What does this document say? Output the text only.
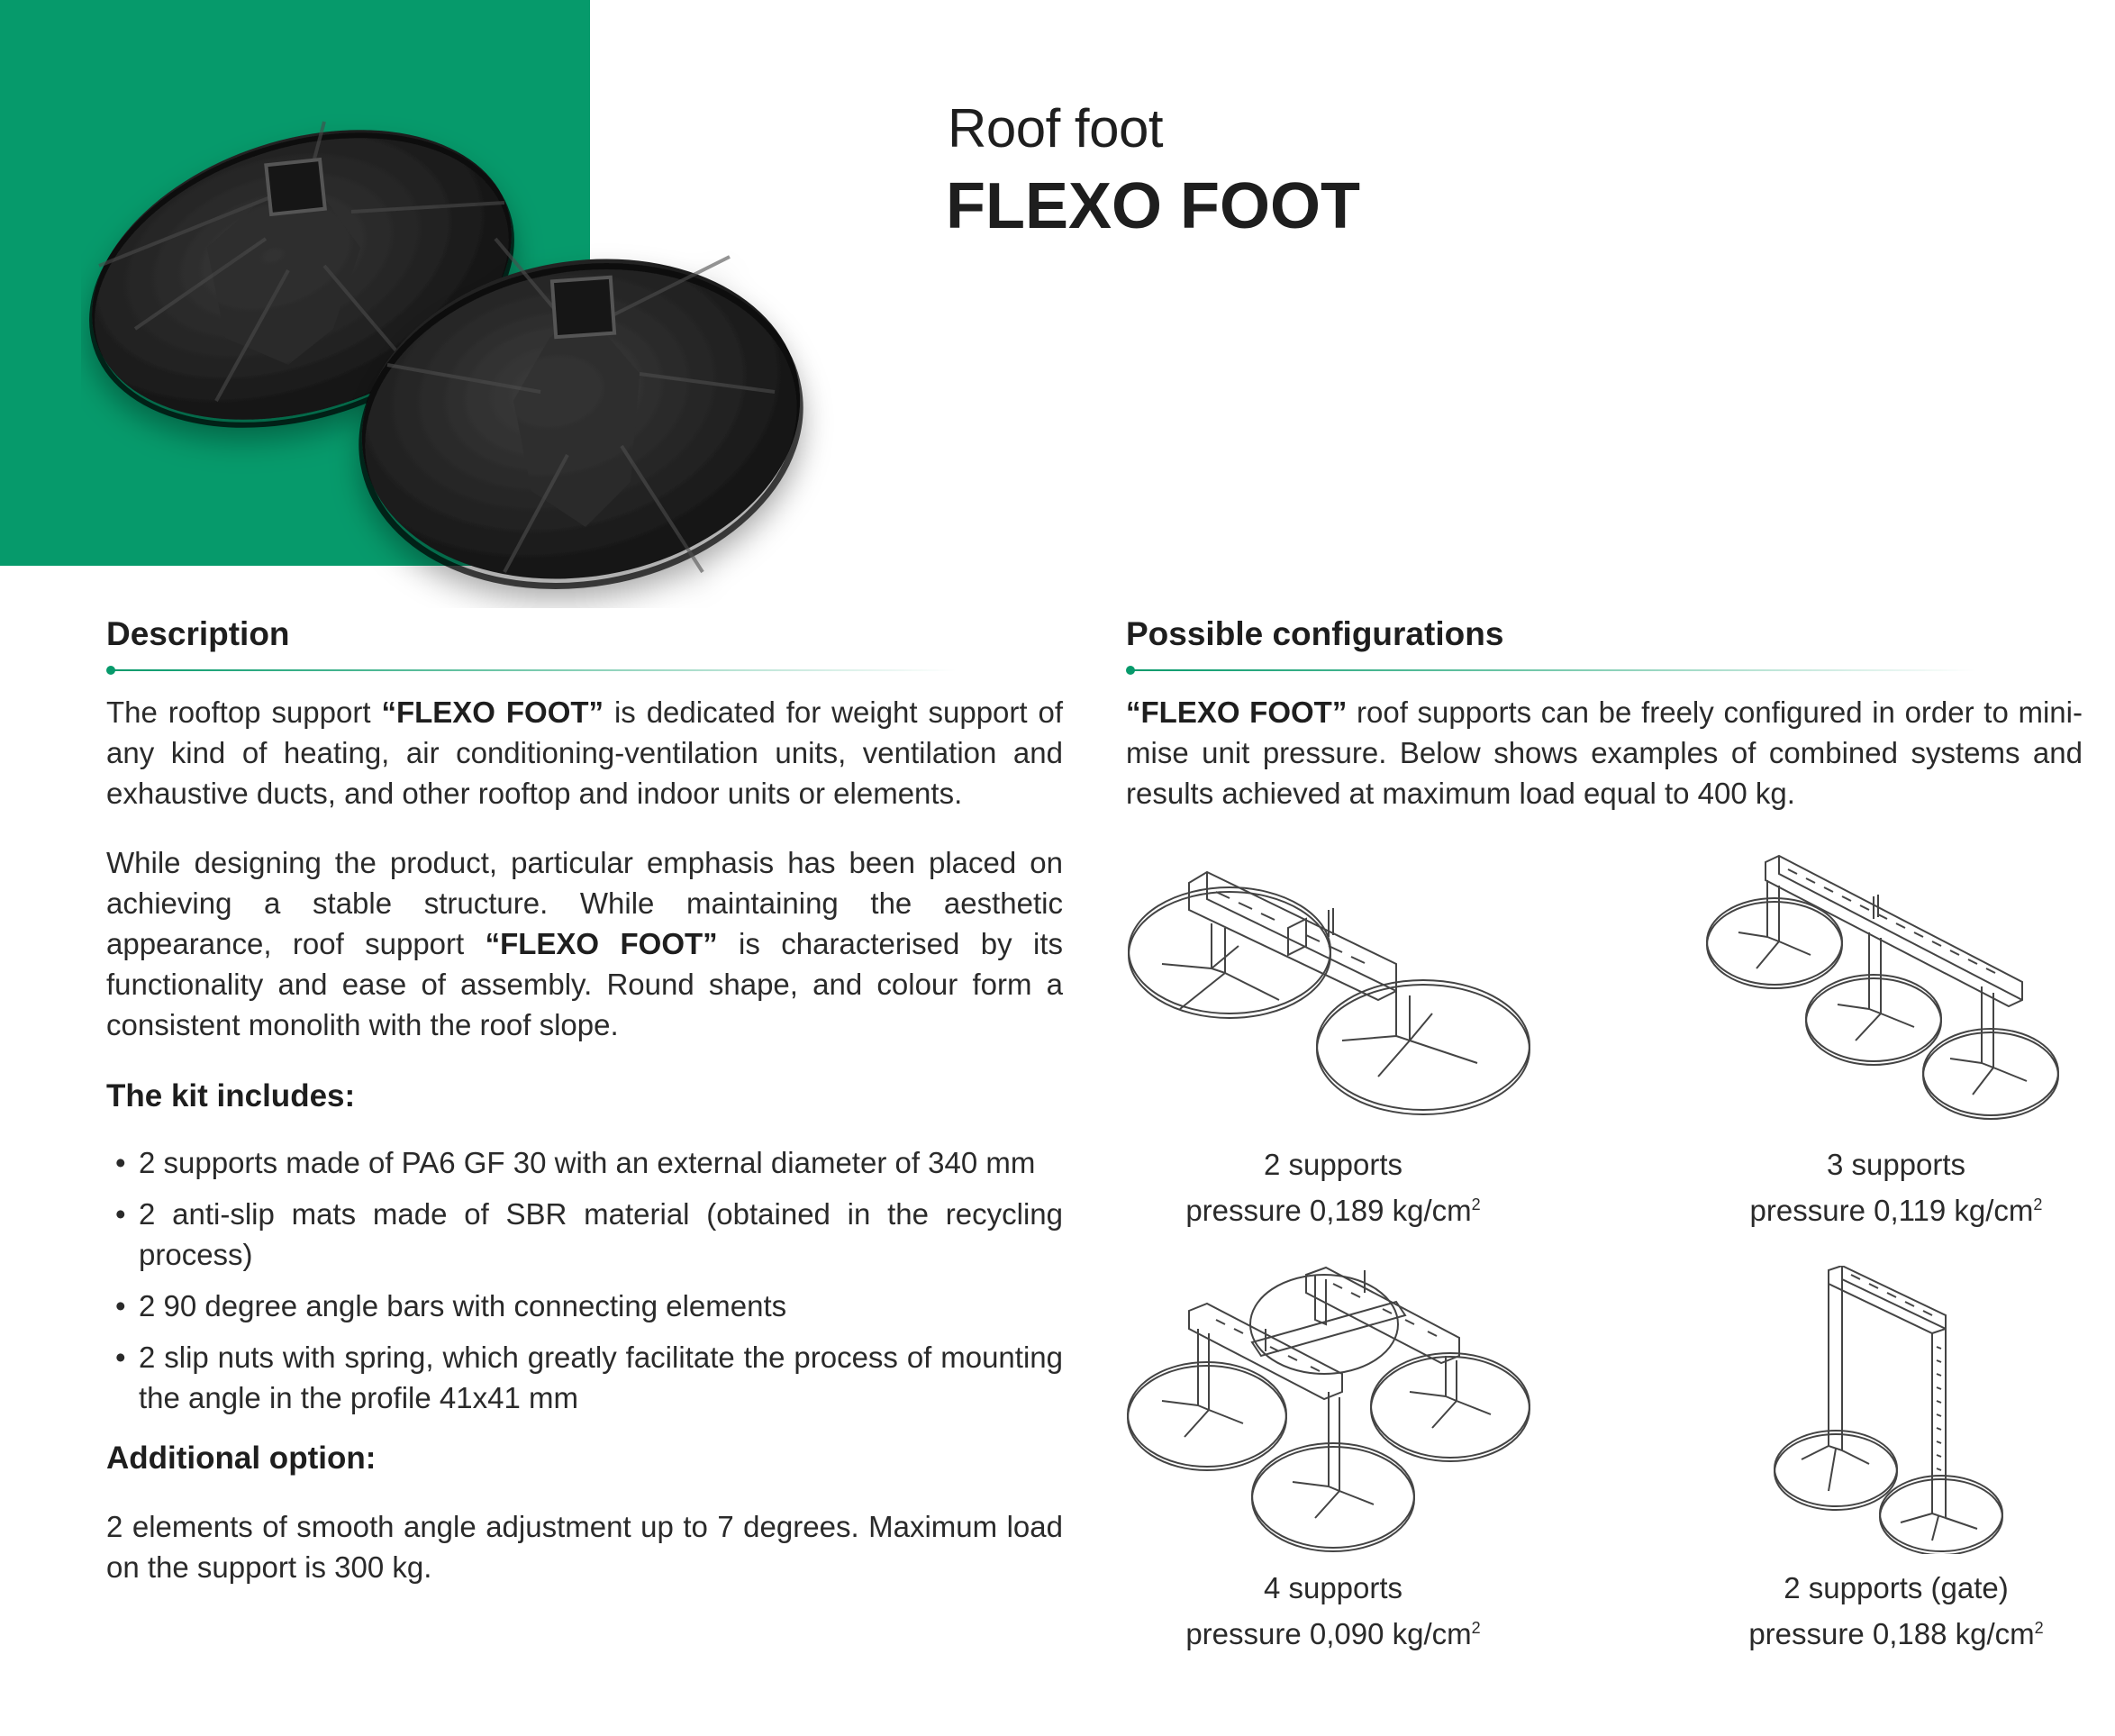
Roof foot
FLEXO FOOT
Description

The rooftop support “FLEXO FOOT” is dedicated for weight support of any kind of heating, air conditioning-ventilation units, ventilation and exhaustive ducts, and other rooftop and indoor units or elements.

While designing the product, particular emphasis has been placed on achieving a stable structure. While maintaining the aesthetic appearance, roof support “FLEXO FOOT” is characterised by its functionality and ease of assembly. Round shape, and colour form a consistent monolith with the roof slope.

The kit includes:
• 2 supports made of PA6 GF 30 with an external diameter of 340 mm
• 2 anti-slip mats made of SBR material (obtained in the recycling process)
• 2 90 degree angle bars with connecting elements
• 2 slip nuts with spring, which greatly facilitate the process of mounting the angle in the profile 41x41 mm
Additional option:

2 elements of smooth angle adjustment up to 7 degrees. Maximum load on the support is 300 kg.

Possible configurations

“FLEXO FOOT” roof supports can be freely configured in order to minimise unit pressure. Below shows examples of combined systems and results achieved at maximum load equal to 400 kg.

2 supports
pressure 0,189 $kg/cm^2$
3 supports
pressure 0,119 $kg/cm^2$
4 supports
pressure 0,090 $kg/cm^2$
2 supports (gate)
pressure 0,188 $kg/cm^2$
